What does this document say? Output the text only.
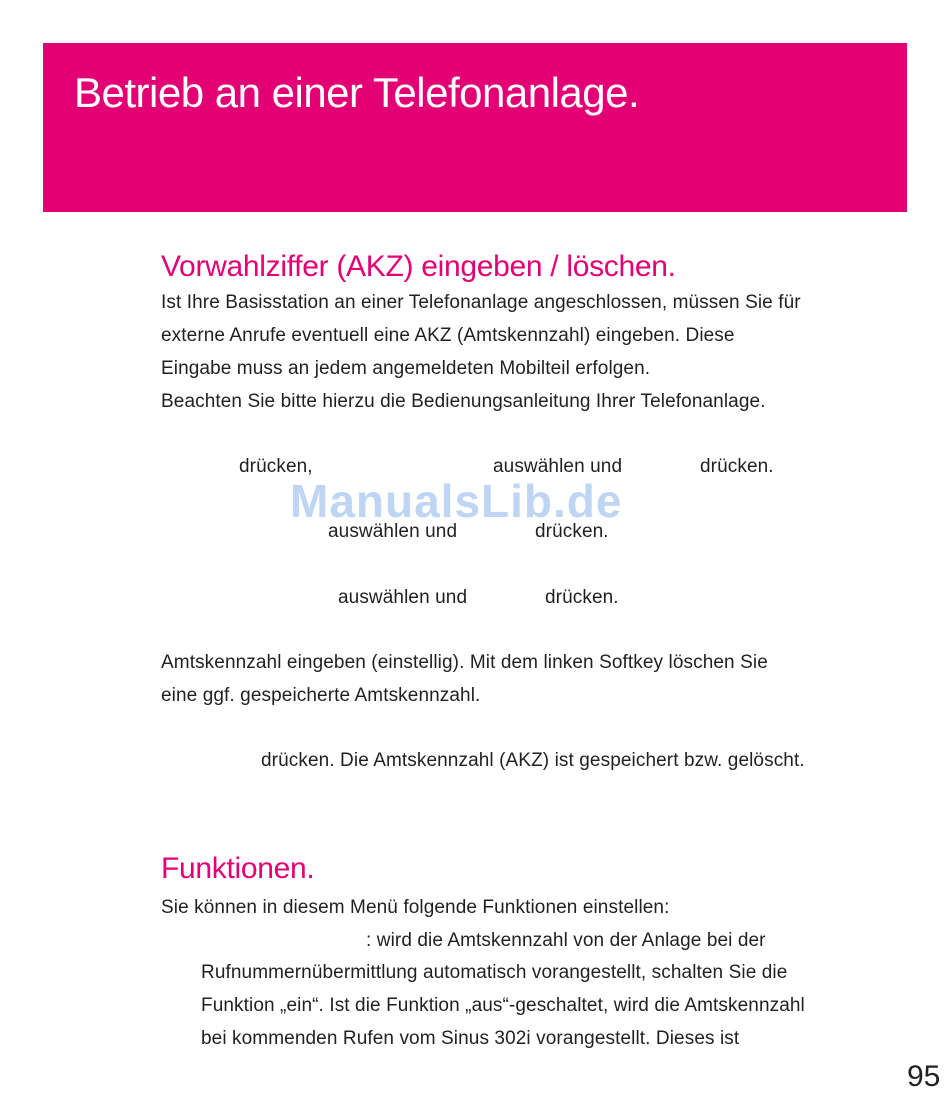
Betrieb an einer Telefonanlage.
Vorwahlziffer (AKZ) eingeben / löschen.
Ist Ihre Basisstation an einer Telefonanlage angeschlossen, müssen Sie für
externe Anrufe eventuell eine AKZ (Amtskennzahl) eingeben. Diese
Eingabe muss an jedem angemeldeten Mobilteil erfolgen.
Beachten Sie bitte hierzu die Bedienungsanleitung Ihrer Telefonanlage.
drücken,	auswählen und	drücken.
ManualsLib.de
auswählen und	drücken.
auswählen und	drücken.
Amtskennzahl eingeben (einstellig). Mit dem linken Softkey löschen Sie
eine ggf. gespeicherte Amtskennzahl.
drücken. Die Amtskennzahl (AKZ) ist gespeichert bzw. gelöscht.
Funktionen.
Sie können in diesem Menü folgende Funktionen einstellen:
: wird die Amtskennzahl von der Anlage bei der
Rufnummernübermittlung automatisch vorangestellt, schalten Sie die
Funktion „ein“. Ist die Funktion „aus“-geschaltet, wird die Amtskennzahl
bei kommenden Rufen vom Sinus 302i vorangestellt. Dieses ist
95
